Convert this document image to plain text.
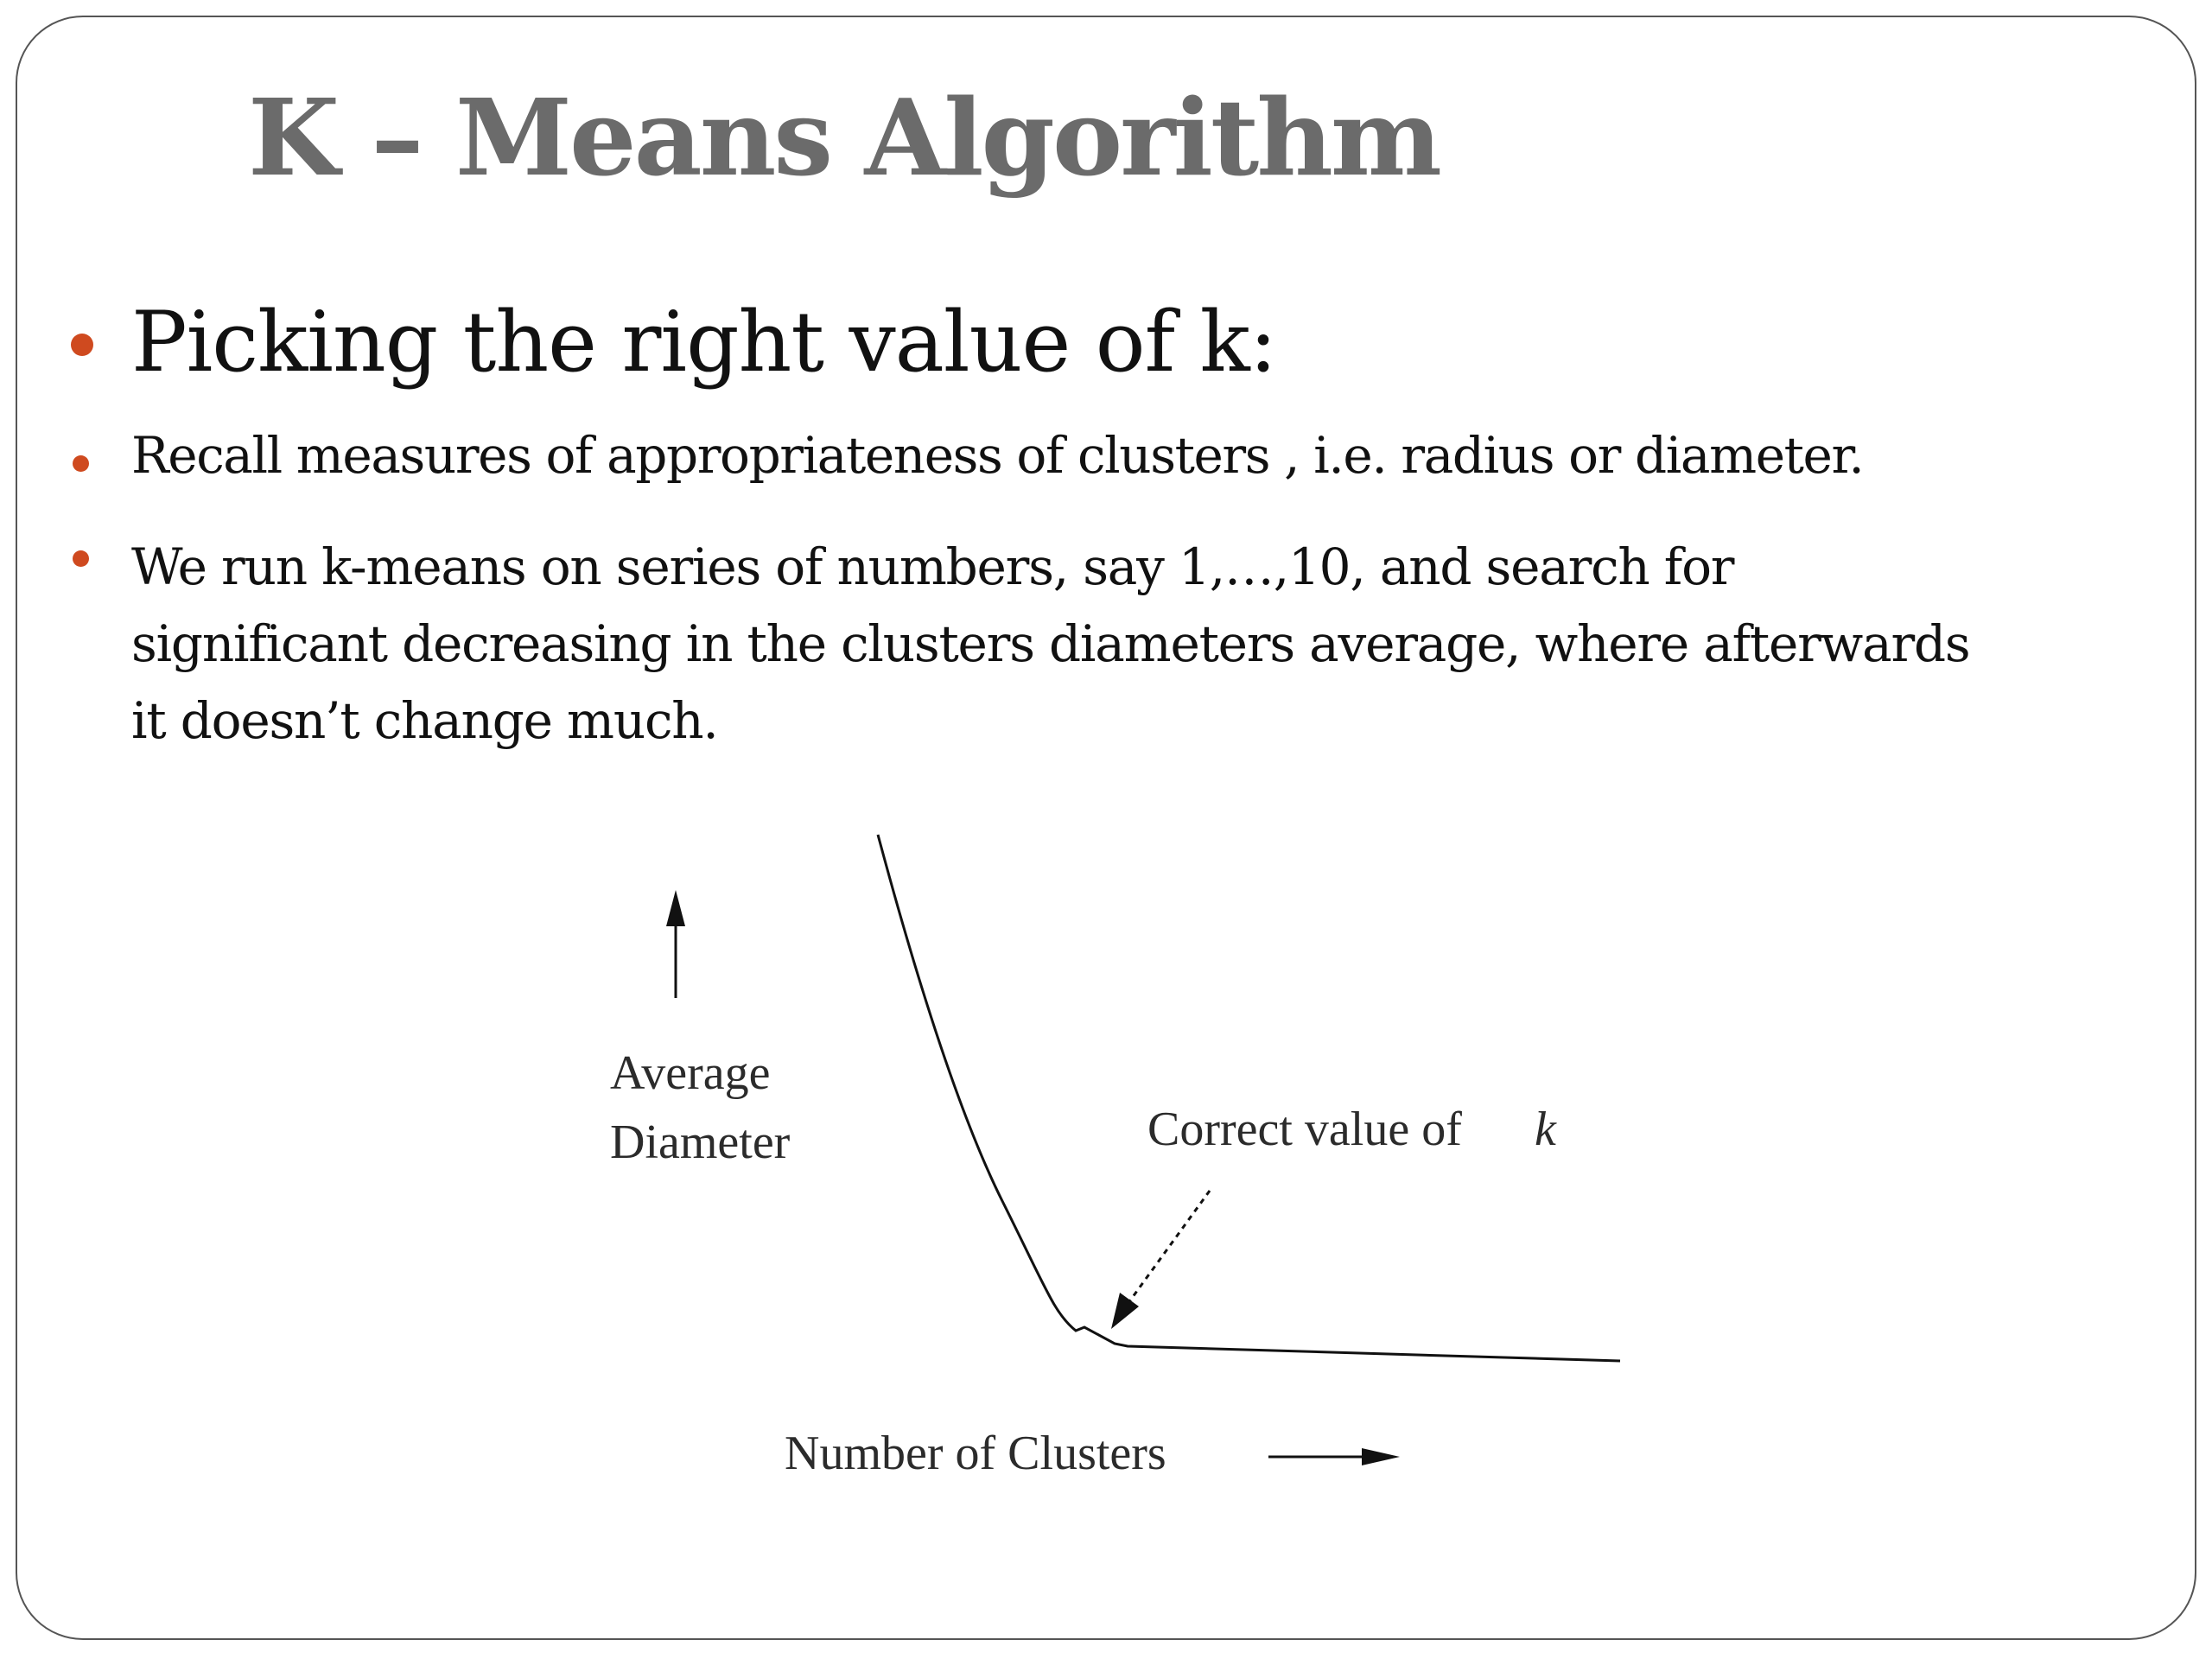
K – Means Algorithm

Picking the right value of k:

Recall measures of appropriateness of clusters , i.e. radius or diameter.

We run k-means on series of numbers, say 1,…,10, and search for significant decreasing in the clusters diameters average, where afterwards it doesn’t change much.

Average
Diameter	Correct value of k
Number of Clusters
